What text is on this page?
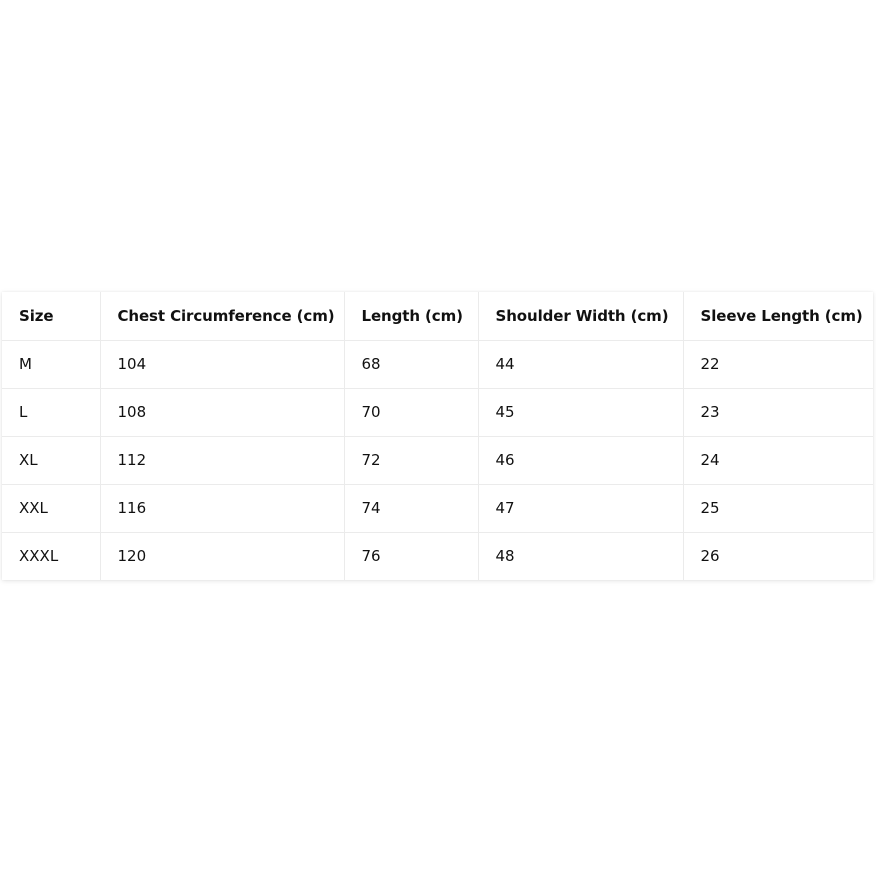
Size	Chest Circumference (cm)	Length (cm)	Shoulder Width (cm)	Sleeve Length (cm)
M	104	68	44	22
L	108	70	45	23
XL	112	72	46	24
XXL	116	74	47	25
XXXL	120	76	48	26
